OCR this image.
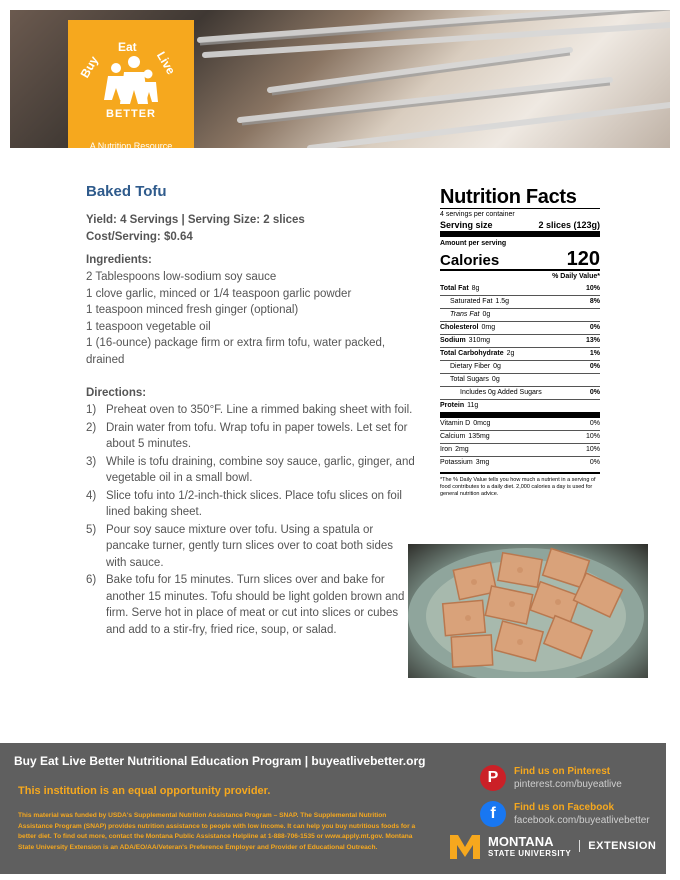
Buy
Eat
Live
BETTER
A Nutrition Resource
Baked Tofu
Yield: 4 Servings | Serving Size: 2 slices
Cost/Serving: $0.64
Ingredients:
2 Tablespoons low-sodium soy sauce
1 clove garlic, minced or 1/4 teaspoon garlic powder
1 teaspoon minced fresh ginger (optional)
1 teaspoon vegetable oil
1 (16-ounce) package firm or extra firm tofu, water packed, drained
Directions:
1) Preheat oven to 350°F. Line a rimmed baking sheet with foil.
2) Drain water from tofu. Wrap tofu in paper towels. Let set for about 5 minutes.
3) While is tofu draining, combine soy sauce, garlic, ginger, and vegetable oil in a small bowl.
4) Slice tofu into 1/2-inch-thick slices. Place tofu slices on foil lined baking sheet.
5) Pour soy sauce mixture over tofu. Using a spatula or pancake turner, gently turn slices over to coat both sides with sauce.
6) Bake tofu for 15 minutes. Turn slices over and bake for another 15 minutes. Tofu should be light golden brown and firm. Serve hot in place of meat or cut into slices or cubes and add to a stir-fry, fried rice, soup, or salad.
Nutrition Facts
4 servings per container
Serving size	2 slices (123g)
Amount per serving
Calories	120
% Daily Value*
Total Fat 8g	10%
Saturated Fat 1.5g	8%
Trans Fat 0g
Cholesterol 0mg	0%
Sodium 310mg	13%
Total Carbohydrate 2g	1%
Dietary Fiber 0g	0%
Total Sugars 0g
Includes 0g Added Sugars	0%
Protein 11g
Vitamin D 0mcg	0%
Calcium 135mg	10%
Iron 2mg	10%
Potassium 3mg	0%
*The % Daily Value tells you how much a nutrient in a serving of food contributes to a daily diet. 2,000 calories a day is used for general nutrition advice.
Buy Eat Live Better Nutritional Education Program | buyeatlivebetter.org
This institution is an equal opportunity provider.
This material was funded by USDA's Supplemental Nutrition Assistance Program – SNAP. The Supplemental Nutrition Assistance Program (SNAP) provides nutrition assistance to people with low income. It can help you buy nutritious foods for a better diet. To find out more, contact the Montana Public Assistance Helpline at 1-888-706-1535 or www.apply.mt.gov. Montana State University Extension is an ADA/EO/AA/Veteran's Preference Employer and Provider of Educational Outreach.
P	Find us on Pinterest
pinterest.com/buyeatlive
f	Find us on Facebook
facebook.com/buyeatlivebetter
MONTANA
STATE UNIVERSITY
EXTENSION
